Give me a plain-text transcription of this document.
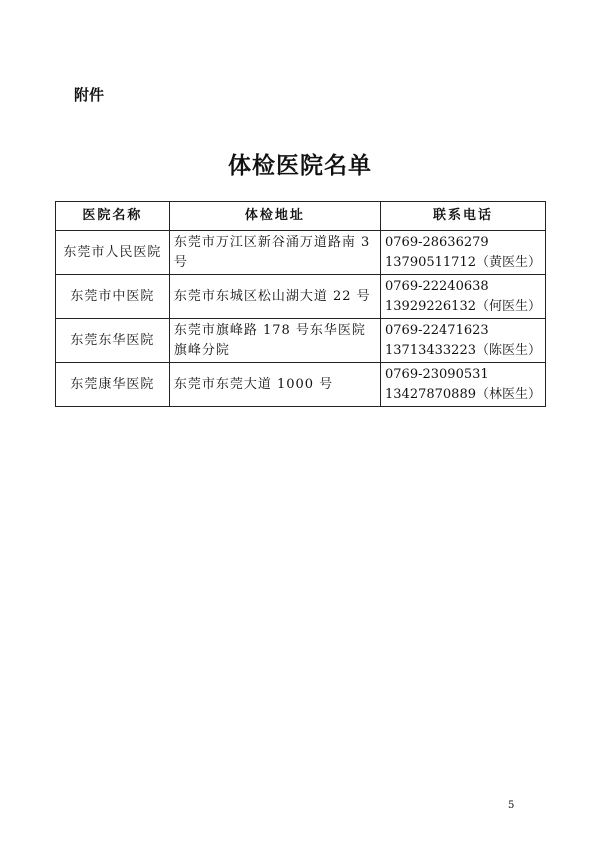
附件
体检医院名单
医院名称	体检地址	联系电话
东莞市人民医院	东莞市万江区新谷涌万道路南 3 号	0769-28636279
13790511712（黄医生）

东莞市中医院	东莞市东城区松山湖大道 22 号	0769-22240638
13929226132（何医生）

东莞东华医院	东莞市旗峰路 178 号东华医院旗峰分院	0769-22471623
13713433223（陈医生）

东莞康华医院	东莞市东莞大道 1000 号	0769-23090531
13427870889（林医生）
5
